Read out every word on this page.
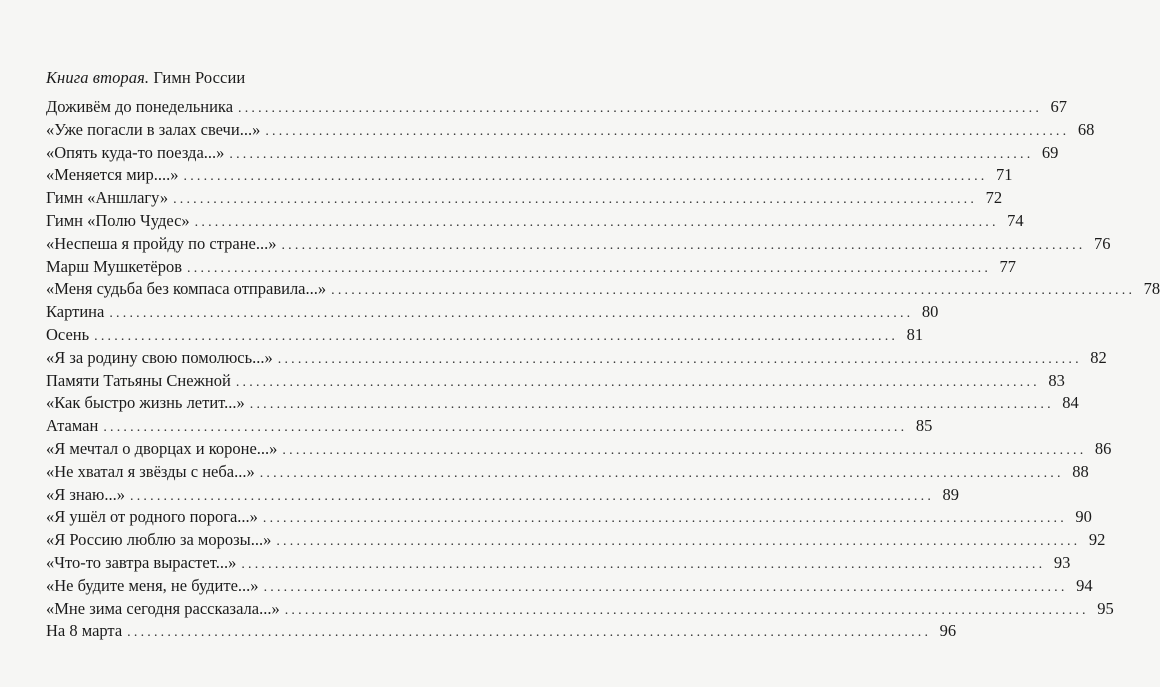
Книга вторая. Гимн России
Доживём до понедельника ........................................................................................................................ 67
«Уже погасли в залах свечи...» ........................................................................................................................ 68
«Опять куда-то поезда...» ........................................................................................................................ 69
«Меняется мир....» ........................................................................................................................ 71
Гимн «Аншлагу» ........................................................................................................................ 72
Гимн «Полю Чудес» ........................................................................................................................ 74
«Неспеша я пройду по стране...» ........................................................................................................................ 76
Марш Мушкетёров ........................................................................................................................ 77
«Меня судьба без компаса отправила...» ........................................................................................................................ 78
Картина ........................................................................................................................ 80
Осень ........................................................................................................................ 81
«Я за родину свою помолюсь...» ........................................................................................................................ 82
Памяти Татьяны Снежной ........................................................................................................................ 83
«Как быстро жизнь летит...» ........................................................................................................................ 84
Атаман ........................................................................................................................ 85
«Я мечтал о дворцах и короне...» ........................................................................................................................ 86
«Не хватал я звёзды с неба...» ........................................................................................................................ 88
«Я знаю...» ........................................................................................................................ 89
«Я ушёл от родного порога...» ........................................................................................................................ 90
«Я Россию люблю за морозы...» ........................................................................................................................ 92
«Что-то завтра вырастет...» ........................................................................................................................ 93
«Не будите меня, не будите...» ........................................................................................................................ 94
«Мне зима сегодня рассказала...» ........................................................................................................................ 95
На 8 марта ........................................................................................................................ 96
